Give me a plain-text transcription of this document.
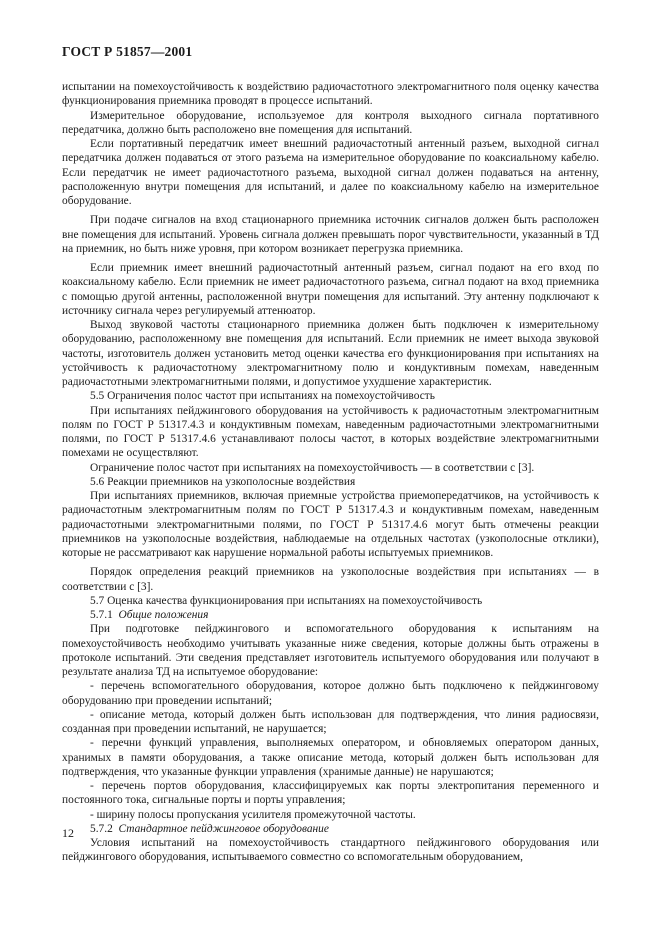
ГОСТ Р 51857—2001

испытании на помехоустойчивость к воздействию радиочастотного электромагнитного поля оценку качества функционирования приемника проводят в процессе испытаний.

Измерительное оборудование, используемое для контроля выходного сигнала портативного передатчика, должно быть расположено вне помещения для испытаний.

Если портативный передатчик имеет внешний радиочастотный антенный разъем, выходной сигнал передатчика должен подаваться от этого разъема на измерительное оборудование по коаксиальному кабелю. Если передатчик не имеет радиочастотного разъема, выходной сигнал должен подаваться на антенну, расположенную внутри помещения для испытаний, и далее по коаксиальному кабелю на измерительное оборудование.

При подаче сигналов на вход стационарного приемника источник сигналов должен быть расположен вне помещения для испытаний. Уровень сигнала должен превышать порог чувствительности, указанный в ТД на приемник, но быть ниже уровня, при котором возникает перегрузка приемника.

Если приемник имеет внешний радиочастотный антенный разъем, сигнал подают на его вход по коаксиальному кабелю. Если приемник не имеет радиочастотного разъема, сигнал подают на вход приемника с помощью другой антенны, расположенной внутри помещения для испытаний. Эту антенну подключают к источнику сигнала через регулируемый аттенюатор.

Выход звуковой частоты стационарного приемника должен быть подключен к измерительному оборудованию, расположенному вне помещения для испытаний. Если приемник не имеет выхода звуковой частоты, изготовитель должен установить метод оценки качества его функционирования при испытаниях на устойчивость к радиочастотному электромагнитному полю и кондуктивным помехам, наведенным радиочастотными электромагнитными полями, и допустимое ухудшение характеристик.

5.5 Ограничения полос частот при испытаниях на помехоустойчивость

При испытаниях пейджингового оборудования на устойчивость к радиочастотным электромагнитным полям по ГОСТ Р 51317.4.3 и кондуктивным помехам, наведенным радиочастотными электромагнитными полями, по ГОСТ Р 51317.4.6 устанавливают полосы частот, в которых воздействие электромагнитными помехами не осуществляют.

Ограничение полос частот при испытаниях на помехоустойчивость — в соответствии с [3].

5.6 Реакции приемников на узкополосные воздействия

При испытаниях приемников, включая приемные устройства приемопередатчиков, на устойчивость к радиочастотным электромагнитным полям по ГОСТ Р 51317.4.3 и кондуктивным помехам, наведенным радиочастотными электромагнитными полями, по ГОСТ Р 51317.4.6 могут быть отмечены реакции приемников на узкополосные воздействия, наблюдаемые на отдельных частотах (узкополосные отклики), которые не рассматривают как нарушение нормальной работы испытуемых приемников.

Порядок определения реакций приемников на узкополосные воздействия при испытаниях — в соответствии с [3].

5.7 Оценка качества функционирования при испытаниях на помехоустойчивость

5.7.1 Общие положения

При подготовке пейджингового и вспомогательного оборудования к испытаниям на помехоустойчивость необходимо учитывать указанные ниже сведения, которые должны быть отражены в протоколе испытаний. Эти сведения представляет изготовитель испытуемого оборудования или получают в результате анализа ТД на испытуемое оборудование:

- перечень вспомогательного оборудования, которое должно быть подключено к пейджинговому оборудованию при проведении испытаний;

- описание метода, который должен быть использован для подтверждения, что линия радиосвязи, созданная при проведении испытаний, не нарушается;

- перечни функций управления, выполняемых оператором, и обновляемых оператором данных, хранимых в памяти оборудования, а также описание метода, который должен быть использован для подтверждения, что указанные функции управления (хранимые данные) не нарушаются;

- перечень портов оборудования, классифицируемых как порты электропитания переменного и постоянного тока, сигнальные порты и порты управления;

- ширину полосы пропускания усилителя промежуточной частоты.

5.7.2 Стандартное пейджинговое оборудование

Условия испытаний на помехоустойчивость стандартного пейджингового оборудования или пейджингового оборудования, испытываемого совместно со вспомогательным оборудованием,

12
